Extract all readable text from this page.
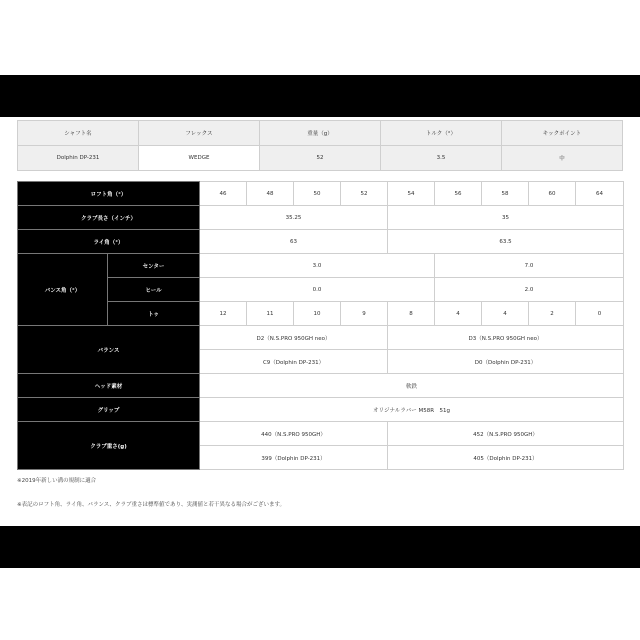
シャフト名	フレックス	重量（g）	トルク（°）	キックポイント
Dolphin DP-231	WEDGE	52	3.5	中
ロフト角（°）		46	48	50	52	54	56	58	60	64
クラブ長さ（インチ）		35.25				35				
ライ角（°）		63				63.5				
バンス角（°）	センター	3.0					7.0			
	ヒール	0.0					2.0			
	トゥ	12	11	10	9	8	4	4	2	0
バランス		D2（N.S.PRO 950GH neo）				D3（N.S.PRO 950GH neo）				
		C9（Dolphin DP-231）				D0（Dolphin DP-231）				
ヘッド素材		軟鉄								
グリップ		オリジナルラバー M58R　51g								
クラブ重さ(g)		440（N.S.PRO 950GH）				452（N.S.PRO 950GH）				
		399（Dolphin DP-231）				405（Dolphin DP-231）				

※2019年新しい溝の規制に適合

※表記のロフト角、ライ角、バランス、クラブ重さは標準値であり、実測値と若干異なる場合がございます。
